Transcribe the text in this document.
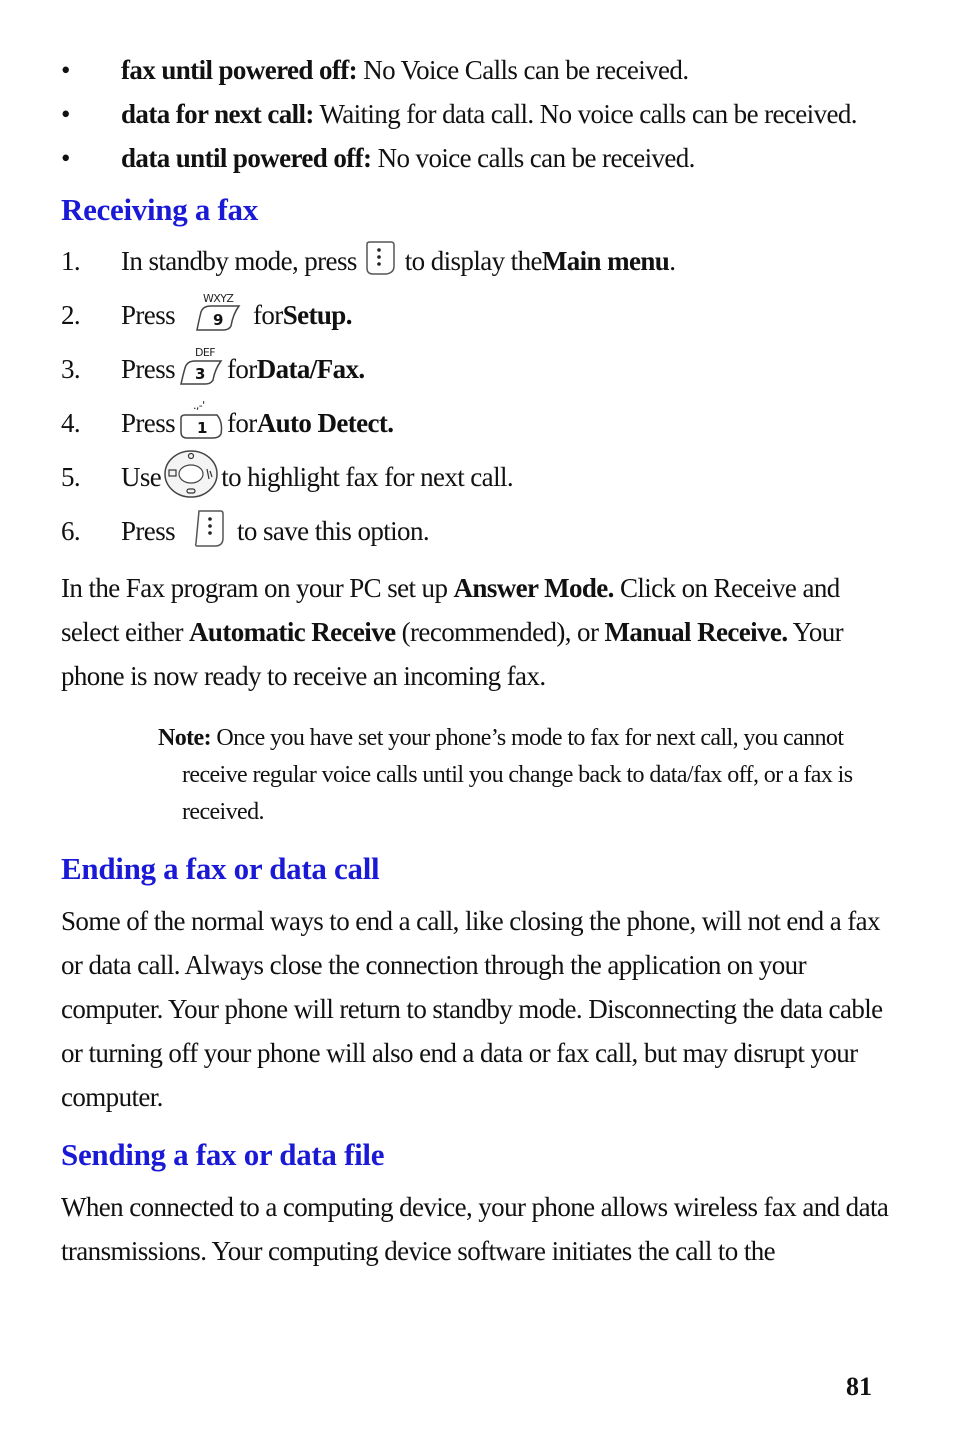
•	fax until powered off: No Voice Calls can be received.
•	data for next call: Waiting for data call. No voice calls can be received.
•	data until powered off: No voice calls can be received.
Receiving a fax
1.	In standby mode, press to display the Main menu .
2.	Press
WXYZ
9 for Setup.
3.	Press
DEF
3 for Data/Fax.
4.	Press
.,-'
1 for Auto Detect.
5.	Use to highlight fax for next call.
6.	Press to save this option.

In the Fax program on your PC set up Answer Mode. Click on Receive and select either Automatic Receive (recommended), or Manual Receive. Your phone is now ready to receive an incoming fax.

Note: Once you have set your phone’s mode to fax for next call, you cannot receive regular voice calls until you change back to data/fax off, or a fax is received.
Ending a fax or data call

Some of the normal ways to end a call, like closing the phone, will not end a fax or data call. Always close the connection through the application on your computer. Your phone will return to standby mode. Disconnecting the data cable or turning off your phone will also end a data or fax call, but may disrupt your computer.

Sending a fax or data file

When connected to a computing device, your phone allows wireless fax and data transmissions. Your computing device software initiates the call to the

81
